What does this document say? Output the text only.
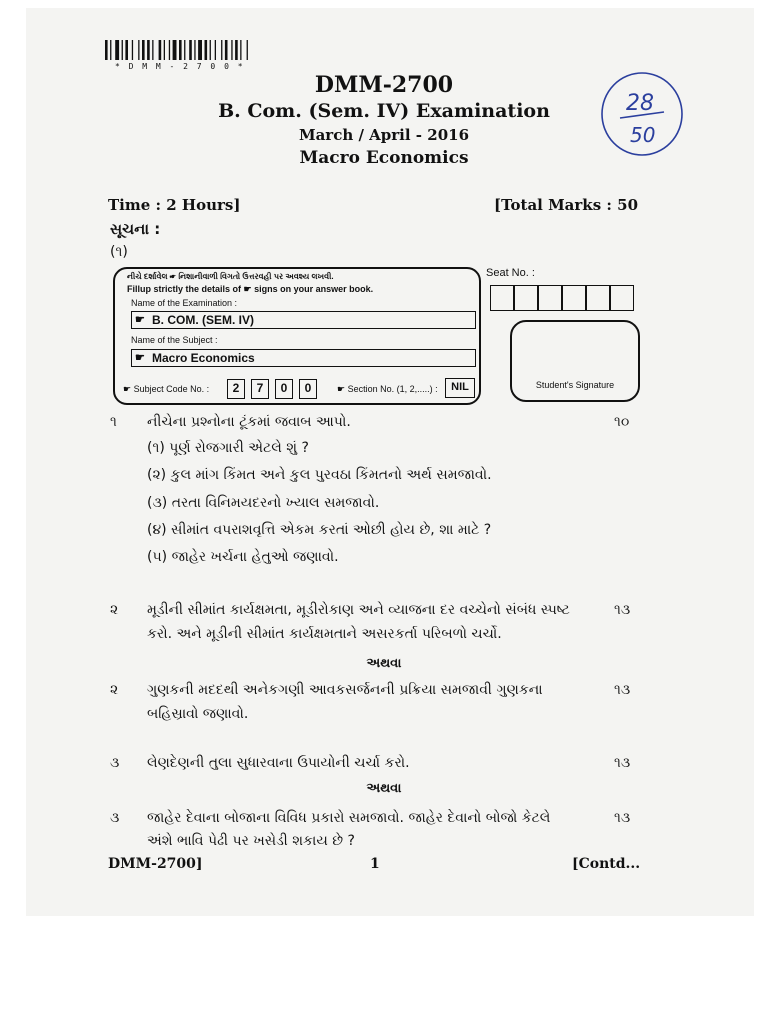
* D M M - 2 7 0 0 *
DMM-2700
B. Com. (Sem. IV) Examination
March / April - 2016
Macro Economics
28
50
Time : 2 Hours]	[Total Marks : 50
સૂચના :
(૧)
નીચે દર્શાવેલ ☛ નિશાનીવાળી વિગતો ઉત્તરવહી પર અવશ્ય લખવી.
Fillup strictly the details of ☛ signs on your answer book.
Name of the Examination :
☛ B. COM. (SEM. IV)
Name of the Subject :
☛ Macro Economics
☛ Subject Code No. :	2	7	0	0	☛ Section No. (1, 2,.....) :	NIL
Seat No. :
Student's Signature
૧ નીચેના પ્રશ્નોના ટૂંકમાં જવાબ આપો.	૧૦
(૧) પૂર્ણ રોજગારી એટલે શું ?
(૨) કુલ માંગ કિંમત અને કુલ પુરવઠા કિંમતનો અર્થ સમજાવો.
(૩) તરતા વિનિમયદરનો ખ્યાલ સમજાવો.
(૪) સીમાંત વપરાશવૃત્તિ એકમ કરતાં ઓછી હોય છે, શા માટે ?
(૫) જાહેર ખર્ચના હેતુઓ જણાવો.
૨ મૂડીની સીમાંત કાર્યક્ષમતા, મૂડીરોકાણ અને વ્યાજના દર વચ્ચેનો સંબંધ સ્પષ્ટ
કરો. અને મૂડીની સીમાંત કાર્યક્ષમતાને અસરકર્તા પરિબળો ચર્ચો.
૧૩
અથવા
૨ ગુણકની મદદથી અનેકગણી આવકસર્જનની પ્રક્રિયા સમજાવી ગુણકના
બહિસ્રાવો જણાવો.
૧૩
૩ લેણદેણની તુલા સુધારવાના ઉપાયોની ચર્ચા કરો.	૧૩
અથવા
૩ જાહેર દેવાના બોજાના વિવિધ પ્રકારો સમજાવો. જાહેર દેવાનો બોજો કેટલે
અંશે ભાવિ પેઢી પર ખસેડી શકાય છે ?
૧૩
DMM-2700]	1	[Contd...
